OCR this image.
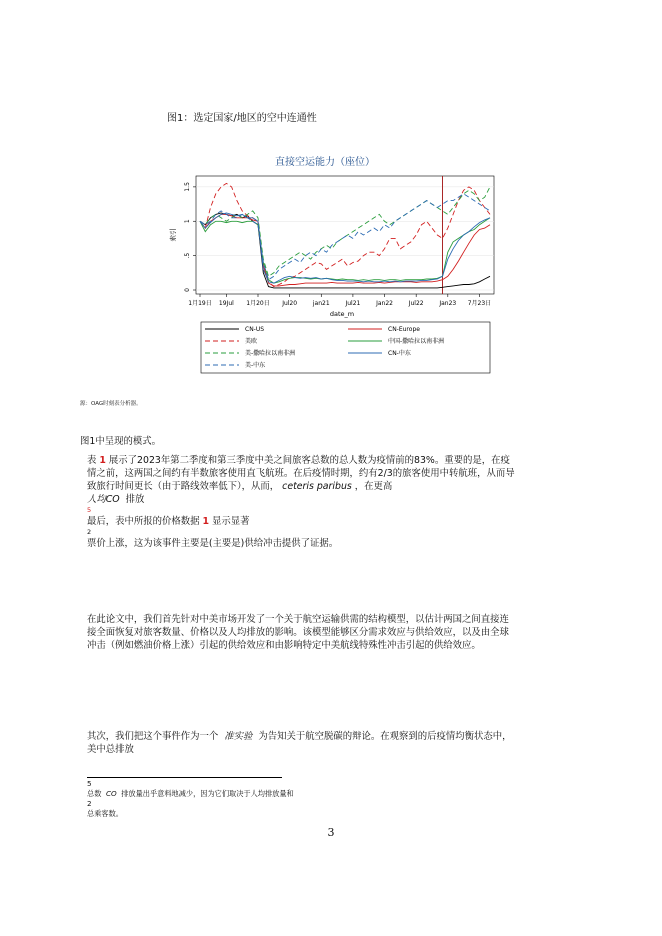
图1：选定国家/地区的空中连通性
直接空运能力（座位）
0
.5
1
1.5
1月19日 19Jul 1月20日 Jul20	jan21	Jul21	Jan22	Jul22	Jan23 7月23日
索引
date_m
CN-US	CN-Europe
美欧	中国-撒哈拉以南非洲
美-撒哈拉以南非洲	CN-中东
美-中东
源：OAG时刻表分析器。
图1中呈现的模式。
表 1 展示了2023年第二季度和第三季度中美之间旅客总数的总人数为疫情前的83%。重要的是，在疫
情之前，这两国之间约有半数旅客使用直飞航班。在后疫情时期，约有2/3的旅客使用中转航班，从而导
致旅行时间更长（由于路线效率低下），从而， ceteris paribus ，在更高
人均CO 排放
5
最后，表中所报的价格数据 1 显示显著
2
票价上涨，这为该事件主要是(主要是)供给冲击提供了证据。
在此论文中，我们首先针对中美市场开发了一个关于航空运输供需的结构模型，以估计两国之间直接连
接全面恢复对旅客数量、价格以及人均排放的影响。该模型能够区分需求效应与供给效应，以及由全球
冲击（例如燃油价格上涨）引起的供给效应和由影响特定中美航线特殊性冲击引起的供给效应。
其次，我们把这个事件作为一个 准实验 为告知关于航空脱碳的辩论。在观察到的后疫情均衡状态中，
美中总排放
5
总数 CO 排放量出乎意料地减少，因为它们取决于人均排放量和
2
总乘客数。
3
